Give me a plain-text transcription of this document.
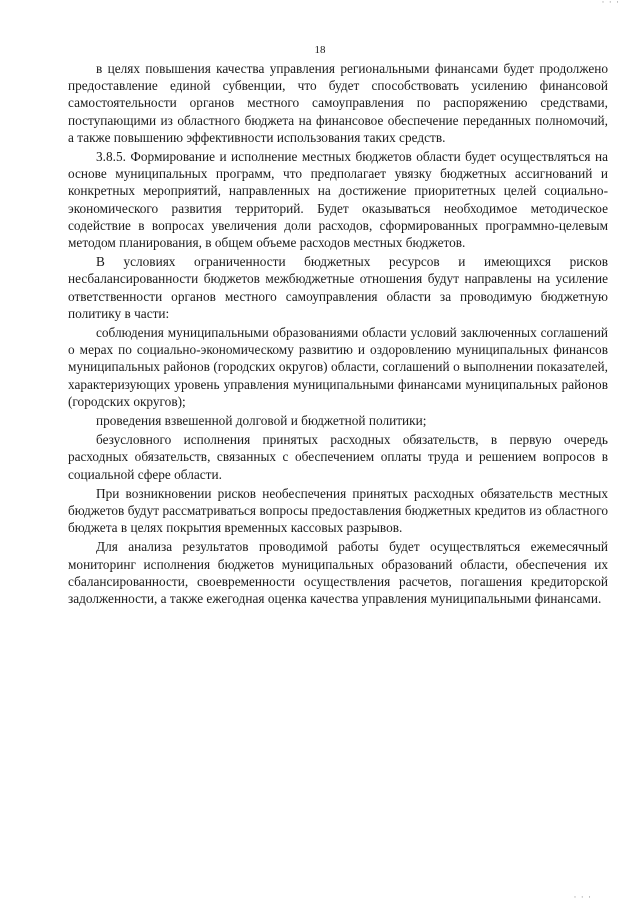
· · ·
18

в целях повышения качества управления региональными финансами будет продолжено предоставление единой субвенции, что будет способствовать усилению финансовой самостоятельности органов местного самоуправления по распоряжению средствами, поступающими из областного бюджета на финансовое обеспечение переданных полномочий, а также повышению эффективности использования таких средств.

3.8.5. Формирование и исполнение местных бюджетов области будет осуществляться на основе муниципальных программ, что предполагает увязку бюджетных ассигнований и конкретных мероприятий, направленных на достижение приоритетных целей социально-экономического развития территорий. Будет оказываться необходимое методическое содействие в вопросах увеличения доли расходов, сформированных программно-целевым методом планирования, в общем объеме расходов местных бюджетов.

В условиях ограниченности бюджетных ресурсов и имеющихся рисков несбалансированности бюджетов межбюджетные отношения будут направлены на усиление ответственности органов местного самоуправления области за проводимую бюджетную политику в части:

соблюдения муниципальными образованиями области условий заключенных соглашений о мерах по социально-экономическому развитию и оздоровлению муниципальных финансов муниципальных районов (городских округов) области, соглашений о выполнении показателей, характеризующих уровень управления муниципальными финансами муниципальных районов (городских округов);

проведения взвешенной долговой и бюджетной политики;

безусловного исполнения принятых расходных обязательств, в первую очередь расходных обязательств, связанных с обеспечением оплаты труда и решением вопросов в социальной сфере области.

При возникновении рисков необеспечения принятых расходных обязательств местных бюджетов будут рассматриваться вопросы предоставления бюджетных кредитов из областного бюджета в целях покрытия временных кассовых разрывов.

Для анализа результатов проводимой работы будет осуществляться ежемесячный мониторинг исполнения бюджетов муниципальных образований области, обеспечения их сбалансированности, своевременности осуществления расчетов, погашения кредиторской задолженности, а также ежегодная оценка качества управления муниципальными финансами.

· · ·
